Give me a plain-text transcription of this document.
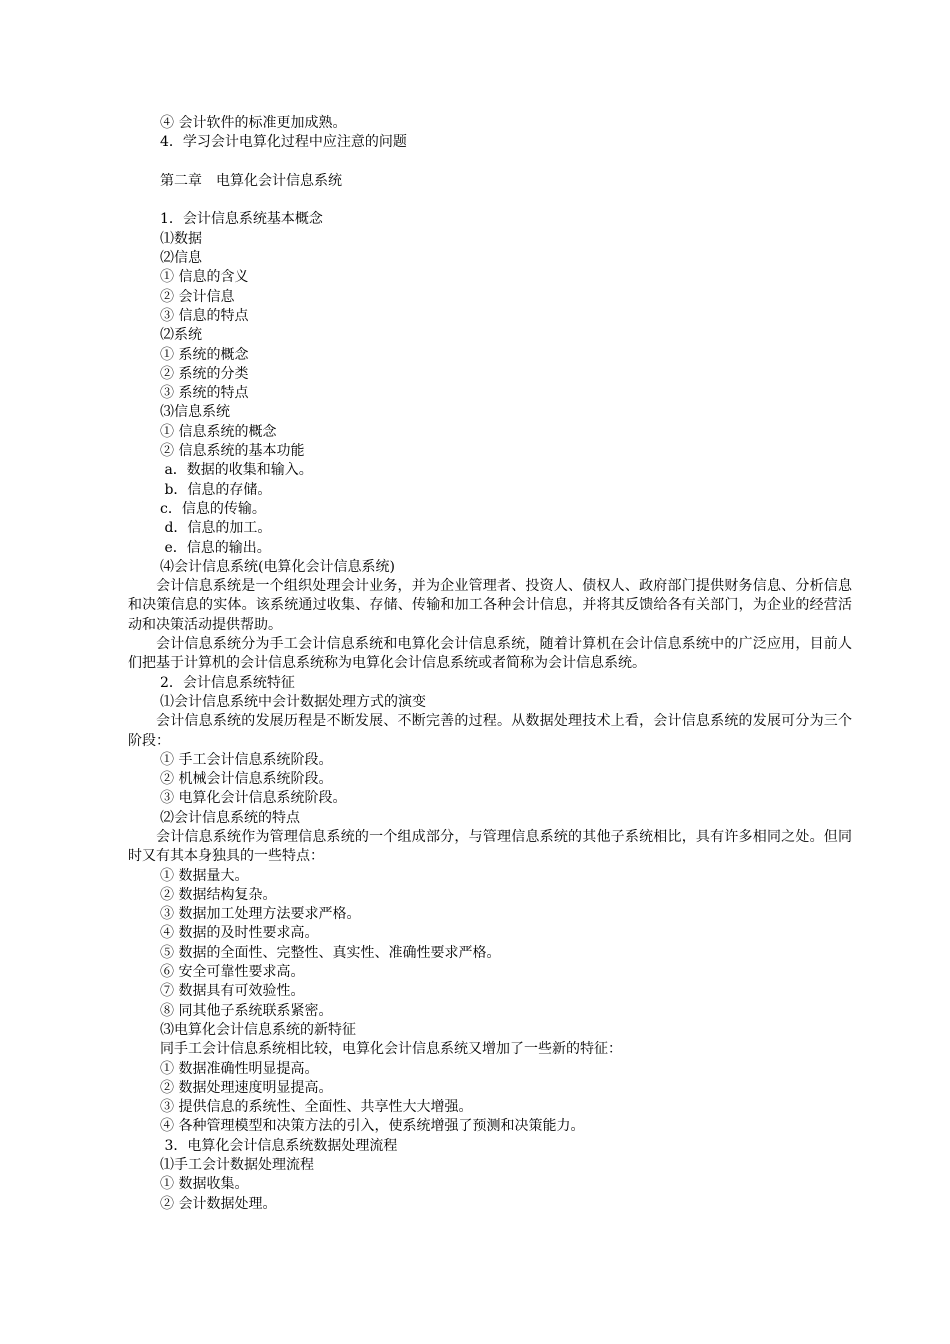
④ 会计软件的标准更加成熟。
4．学习会计电算化过程中应注意的问题
第二章　电算化会计信息系统
1．会计信息系统基本概念
⑴数据
⑵信息
① 信息的含义
② 会计信息
③ 信息的特点
⑵系统
① 系统的概念
② 系统的分类
③ 系统的特点
⑶信息系统
① 信息系统的概念
② 信息系统的基本功能
a．数据的收集和输入。
b．信息的存储。
c．信息的传输。
d．信息的加工。
e．信息的输出。
⑷会计信息系统(电算化会计信息系统)

会计信息系统是一个组织处理会计业务，并为企业管理者、投资人、债权人、政府部门提供财务信息、分析信息和决策信息的实体。该系统通过收集、存储、传输和加工各种会计信息，并将其反馈给各有关部门，为企业的经营活动和决策活动提供帮助。

会计信息系统分为手工会计信息系统和电算化会计信息系统，随着计算机在会计信息系统中的广泛应用，目前人们把基于计算机的会计信息系统称为电算化会计信息系统或者简称为会计信息系统。

2．会计信息系统特征
⑴会计信息系统中会计数据处理方式的演变

会计信息系统的发展历程是不断发展、不断完善的过程。从数据处理技术上看，会计信息系统的发展可分为三个阶段：

① 手工会计信息系统阶段。
② 机械会计信息系统阶段。
③ 电算化会计信息系统阶段。
⑵会计信息系统的特点

会计信息系统作为管理信息系统的一个组成部分，与管理信息系统的其他子系统相比，具有许多相同之处。但同时又有其本身独具的一些特点：

① 数据量大。
② 数据结构复杂。
③ 数据加工处理方法要求严格。
④ 数据的及时性要求高。
⑤ 数据的全面性、完整性、真实性、准确性要求严格。
⑥ 安全可靠性要求高。
⑦ 数据具有可效验性。
⑧ 同其他子系统联系紧密。
⑶电算化会计信息系统的新特征
同手工会计信息系统相比较，电算化会计信息系统又增加了一些新的特征：
① 数据准确性明显提高。
② 数据处理速度明显提高。
③ 提供信息的系统性、全面性、共享性大大增强。
④ 各种管理模型和决策方法的引入，使系统增强了预测和决策能力。
3．电算化会计信息系统数据处理流程
⑴手工会计数据处理流程
① 数据收集。
② 会计数据处理。
